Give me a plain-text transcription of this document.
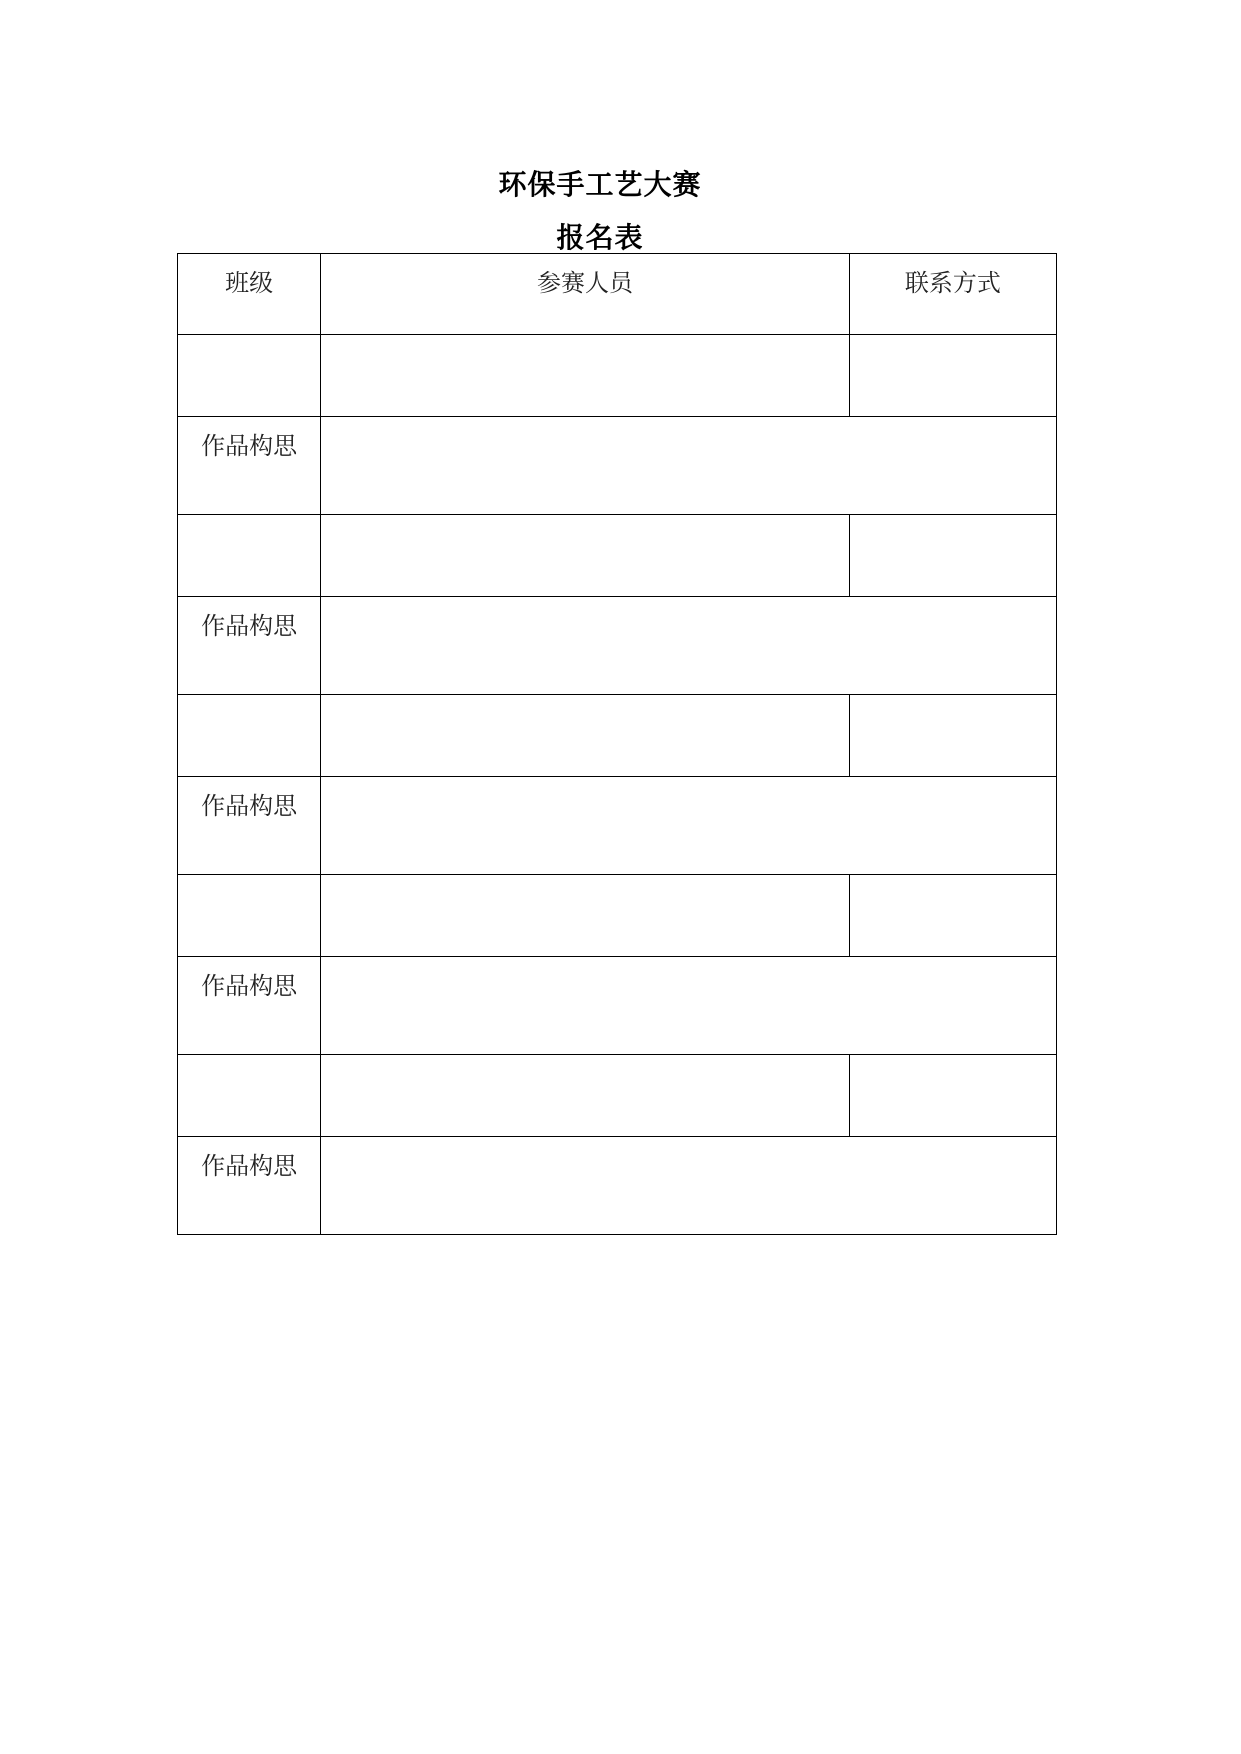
环保手工艺大赛
报名表
班级	参赛人员	联系方式

作品构思		

作品构思		

作品构思		

作品构思		

作品构思		
